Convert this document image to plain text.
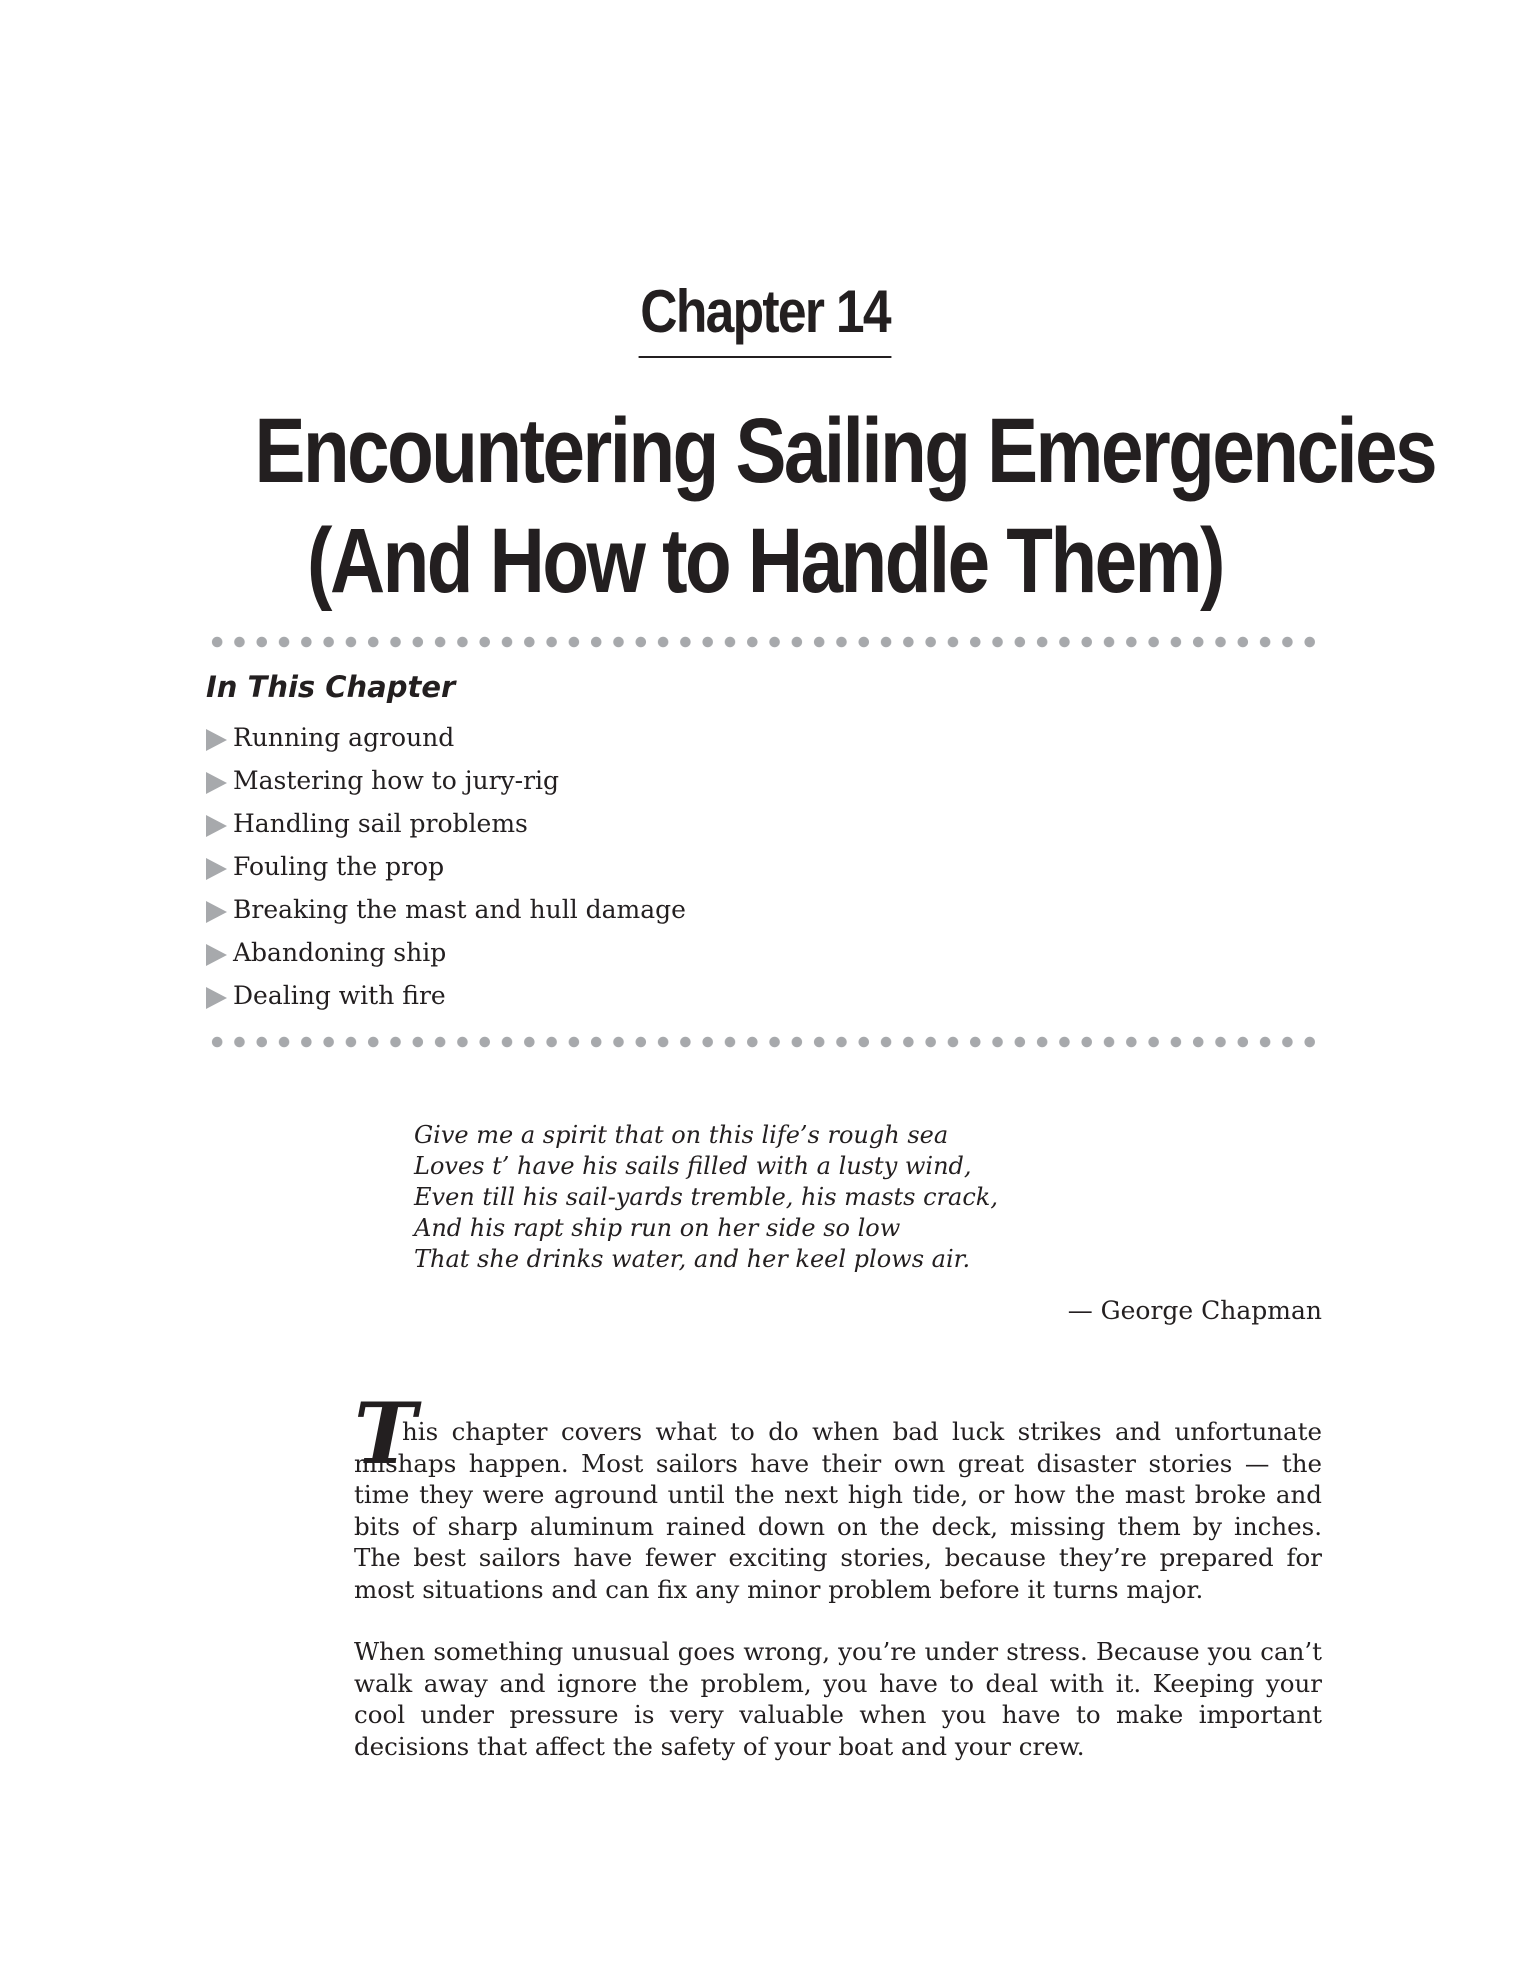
Chapter 14
Encountering Sailing Emergencies
(And How to Handle Them)
In This Chapter
Running aground
Mastering how to jury-rig
Handling sail problems
Fouling the prop
Breaking the mast and hull damage
Abandoning ship
Dealing with fire
Give me a spirit that on this life’s rough sea
Loves t’ have his sails filled with a lusty wind,
Even till his sail-yards tremble, his masts crack,
And his rapt ship run on her side so low
That she drinks water, and her keel plows air.
— George Chapman
T

his chapter covers what to do when bad luck strikes and unfortunate mishaps happen. Most sailors have their own great disaster stories — the time they were aground until the next high tide, or how the mast broke and bits of sharp aluminum rained down on the deck, missing them by inches. The best sailors have fewer exciting stories, because they’re prepared for most situations and can fix any minor problem before it turns major.

When something unusual goes wrong, you’re under stress. Because you can’t walk away and ignore the problem, you have to deal with it. Keeping your cool under pressure is very valuable when you have to make important decisions that affect the safety of your boat and your crew.
